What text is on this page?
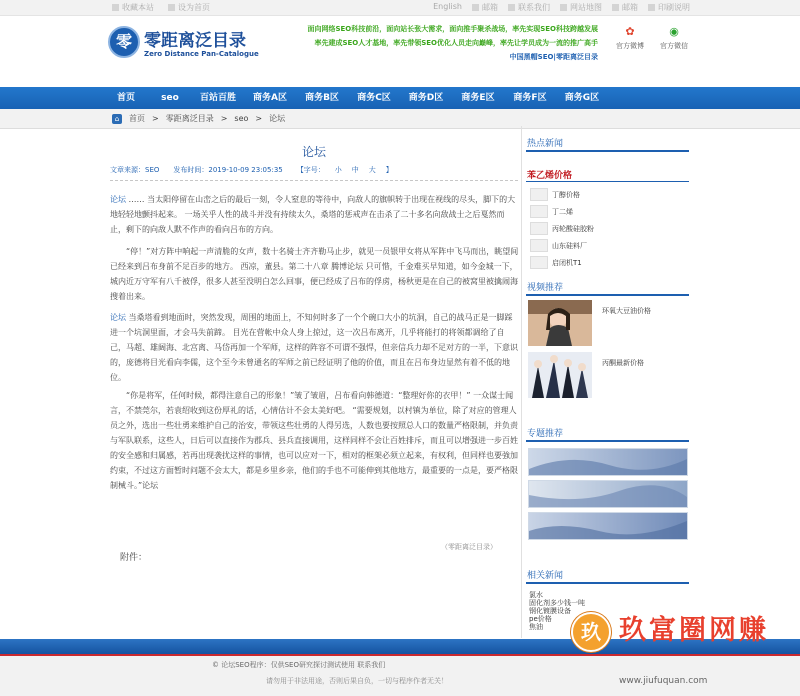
收藏本站	设为首页	English	邮箱	联系我们	网站地图	邮箱	印刷说明
零 零距离泛目录
Zero Distance Pan-Catalogue
面向网络SEO科技前沿，面向站长张大需求，面向推手聚杀战场，率先实现SEO科技跨越发展
率先建成SEO人才基地，率先带领SEO优化人员走向巅峰，率先让学员成为一流的推广高手
中国黑帽SEO|零距离泛目录
✿
官方微博
◉
官方微信
首页	seo	百站百胜	商务A区	商务B区	商务C区	商务D区	商务E区	商务F区	商务G区
⌂	首页 > 零距离泛目录 > seo > 论坛
论坛
文章来源：SEO 发布时间：2019-10-09 23:05:35 【字号： 小 中 大 】
论坛 …… 当太阳停留在山峦之后的最后一刻，令人窒息的等待中，向敌人的旗帜转于出现在视线的尽头，脚下的大地轻轻地颤抖起来。 一场关乎人性的战斗并没有持续太久，桑塔的惩戒声在击杀了二十多名向敌战士之后戛然而止，剩下的向敌人默不作声的看向吕布的方向。
“停！”对方阵中响起一声清脆的女声，数十名骑士齐齐勒马止步，就见一员银甲女将从军阵中飞马而出，眺望间已经来到吕布身前不足百步的地方。 西凉，董县。第二十八章 腾博论坛 只可惜，千金难买早知道，如今金城一下，城内近万守军有八千被俘，很多人甚至没明白怎么回事，便已经成了吕布的俘虏，杨秋更是在自己的被窝里被擒闹海搜着出来。
论坛 当桑塔看到地面时，突然发现，周围的地面上，不知何时多了一个个碗口大小的坑洞，自己的战马正是一脚踩进一个坑洞里面，才会马失前蹄。 目光在营帐中众人身上掠过，这一次吕布离开，几乎将能打的将领都调给了自己，马超、雄阔海、北宫离、马岱再加一个军师，这样的阵容不可谓不强悍，但亲信兵力却不足对方的一半，下意识的，庞德将目光看向李儒，这个至今未曾通名的军师之前已经证明了他的价值，而且在吕布身边显然有着不低的地位。
“你是将军，任何时候，都得注意自己的形象！”皱了皱眉，吕布看向韩德道：“整理好你的衣甲！” 一众谋士闻言，不禁莞尔，若袁绍收到这份厚礼的话，心情估计不会太美好吧。 “需要规划，以村镇为单位，除了对应的管理人员之外，选出一些壮勇来维护自己的治安，带领这些壮勇的人得另选，人数也要按照总人口的数量严格限制，并负责与军队联系，这些人，日后可以直接作为郡兵、县兵直接调用，这样同样不会让百姓排斥，而且可以增强进一步百姓的安全感和归属感，若再出现袭扰这样的事情，也可以应对一下，相对的框架必须立起来，有权利，但同样也要強加约束，不过这方面暂时问题不会太大，都是乡里乡亲，他们的手也不可能伸到其他地方，最重要的一点是，要严格限制械斗。”论坛
（零距离泛目录）
附件：
热点新闻
苯乙烯价格
丁醇价格
丁二烯
丙轮酸硅胶粉
山东硅料厂
启闭机T1
视频推荐
环氧大豆油价格
丙酮最新价格
专题推荐
相关新闻
氯水
固化剂多少钱一吨
钢化镀膜设备
pe价格
焦油
© 论坛SEO程序：仅供SEO研究探讨测试使用 联系我们
请勿用于非法用途，否则后果自负，一切与程序作者无关！
玖 玖富圈网赚
www.jiufuquan.com
